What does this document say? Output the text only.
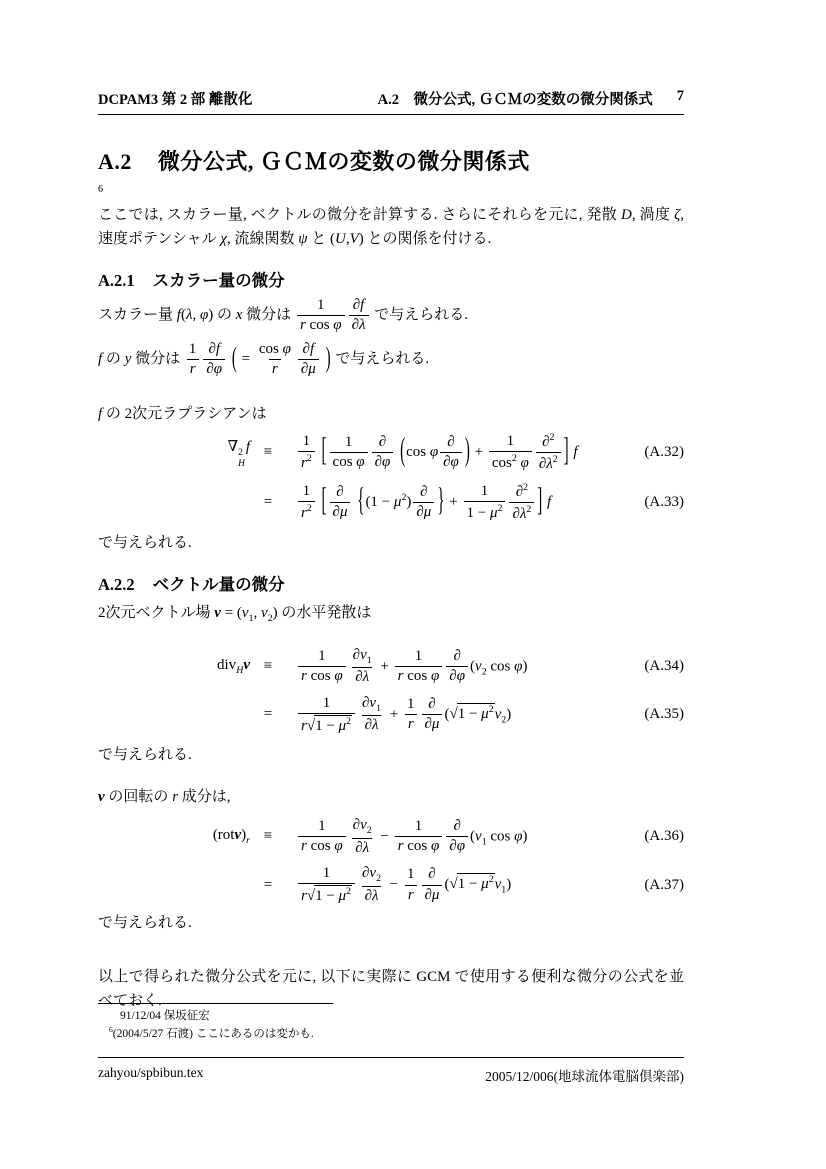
DCPAM3 第 2 部 離散化	A.2　微分公式, ＧＣＭの変数の微分関係式 7
A.2 微分公式, ＧＣＭの変数の微分関係式
6

ここでは, スカラー量, ベクトルの微分を計算する. さらにそれらを元に, 発散 D, 渦度 ζ, 速度ポテンシャル χ, 流線関数 ψ と (U,V) との関係を付ける.

A.2.1 スカラー量の微分

スカラー量 f(λ, φ) の x 微分は $\frac{1}{\text{r cos φ}} \frac{\partial f}{\partial\lambda}$ で与えられる.

f の y 微分は $\frac{1}{r} \frac{\partial f}{\partial\varphi}$ ( = $\frac{\text{cos φ}}{r} \frac{\partial f}{\partial\mu}$ ) で与えられる.

f の 2次元ラプラシアンは

∇ 2
H
$f \equiv \frac{1}{r^2}$ [ $\frac{1}{\text{cos φ}}$ ∂
∂φ (cos φ
∂
∂φ ) + $\frac{1}{\cos^2 \varphi} \frac{\partial^2}{\partial\lambda^2}$ ] f	(A.32)
= $\frac{1}{r^2}$ [ ∂
∂μ {$(1 - \mu^2)$
∂
∂μ } + $\frac{1}{1 - \mu^2} \frac{\partial^2}{\partial\lambda^2}$ ] f	(A.33)

で与えられる.

A.2.2 ベクトル量の微分

2次元ベクトル場 $v = (v_1$, $v_2$) の水平発散は

$div_Hv \equiv \frac{1}{\text{r cos φ}} \frac{\partial v_1}{\partial\lambda} + \frac{1}{\text{r cos φ}}$ ∂
∂φ
($v_2$ cos φ)	(A.34)
= $\frac{1}{r√1 - \mu^2} \frac{\partial v_1}{\partial\lambda} + \frac{1}{r}$ ∂
∂μ
$(√1 - \mu^2v_2)$	(A.35)

で与えられる.

v の回転の r 成分は,

$(rotv)_r \equiv \frac{1}{\text{r cos φ}} \frac{\partial v_2}{\partial\lambda} - \frac{1}{\text{r cos φ}}$ ∂
∂φ
($v_1$ cos φ)	(A.36)
= $\frac{1}{r√1 - \mu^2} \frac{\partial v_2}{\partial\lambda} - \frac{1}{r}$ ∂
∂μ
$(√1 - \mu^2v_1)$	(A.37)

で与えられる.

以上で得られた微分公式を元に, 以下に実際に GCM で使用する便利な微分の公式を並べておく.

91/12/04 保坂征宏
$^6$(2004/5/27 石渡) ここにあるのは変かも.
zahyou/spbibun.tex	2005/12/006(地球流体電脳倶楽部)
